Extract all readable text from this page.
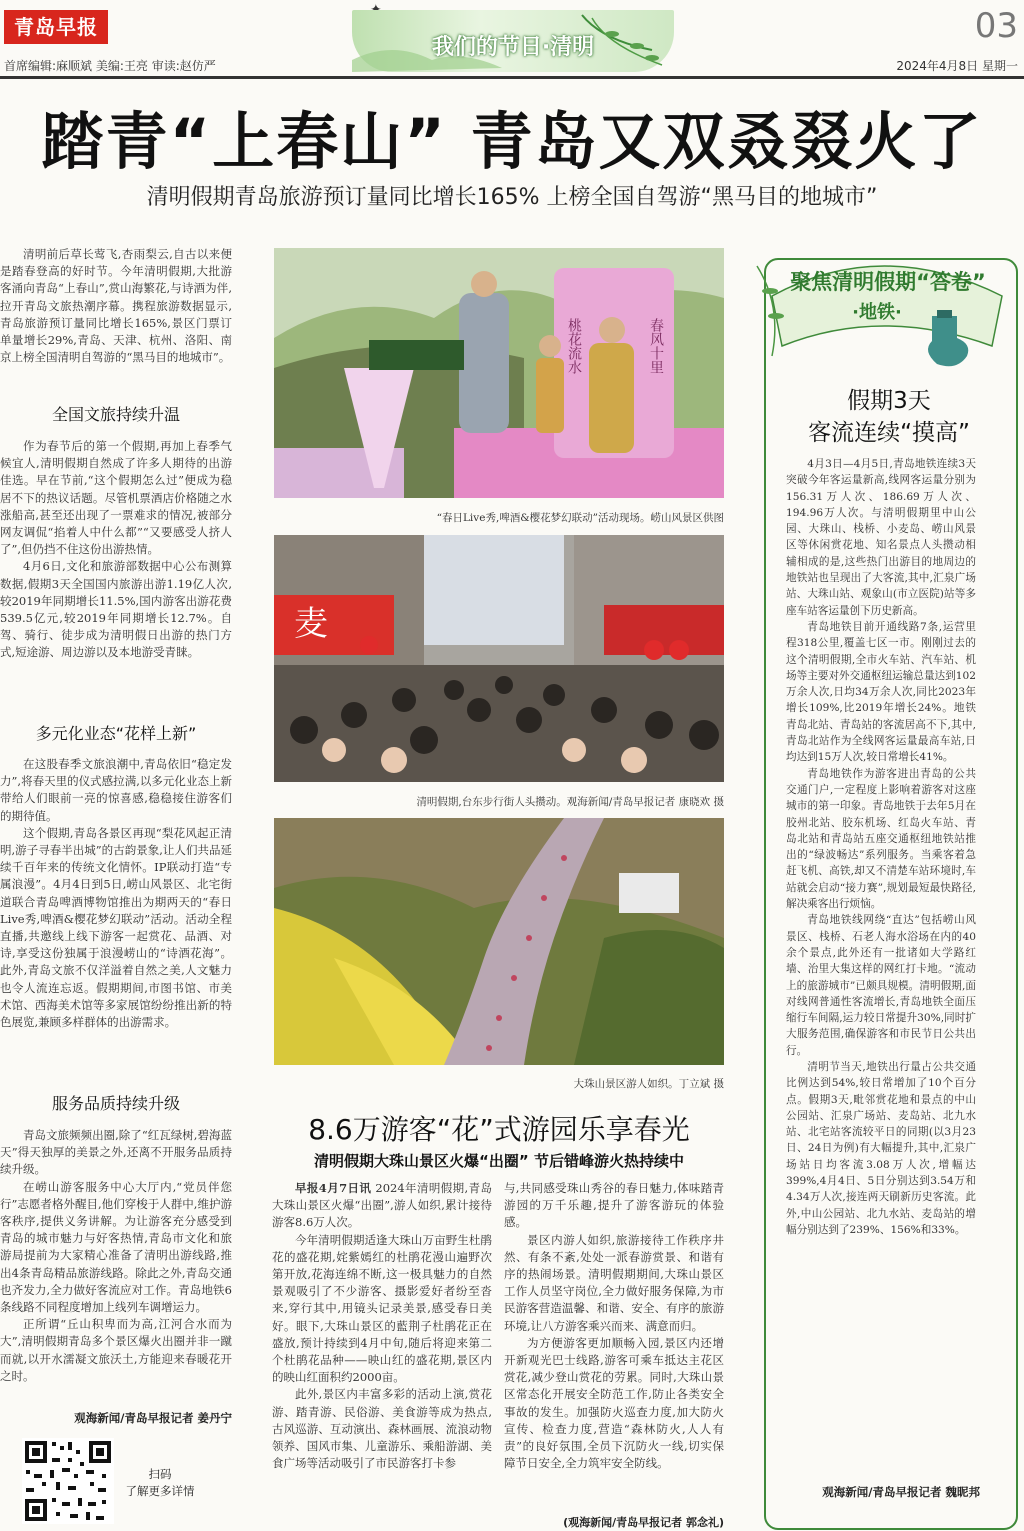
青岛早报
我们的节日·清明
03
首席编辑:麻顺斌 美编:王亮 审读:赵仿严	2024年4月8日 星期一
踏青“上春山” 青岛又双叒叕火了
清明假期青岛旅游预订量同比增长165% 上榜全国自驾游“黑马目的地城市”

清明前后草长莺飞,杏雨梨云,自古以来便是踏春登高的好时节。今年清明假期,大批游客涌向青岛“上春山”,赏山海繁花,与诗酒为伴,拉开青岛文旅热潮序幕。携程旅游数据显示,青岛旅游预订量同比增长165%,景区门票订单量增长29%,青岛、天津、杭州、洛阳、南京上榜全国清明自驾游的“黑马目的地城市”。

全国文旅持续升温

作为春节后的第一个假期,再加上春季气候宜人,清明假期自然成了许多人期待的出游佳选。早在节前,“这个假期怎么过”便成为稳居不下的热议话题。尽管机票酒店价格随之水涨船高,甚至还出现了一票难求的情况,被部分网友调侃“掐着人中什么都”“又要感受人挤人了”,但仍挡不住这份出游热情。

4月6日,文化和旅游部数据中心公布测算数据,假期3天全国国内旅游出游1.19亿人次,较2019年同期增长11.5%,国内游客出游花费539.5亿元,较2019年同期增长12.7%。自驾、骑行、徒步成为清明假日出游的热门方式,短途游、周边游以及本地游受青睐。

多元化业态“花样上新”

在这股春季文旅浪潮中,青岛依旧“稳定发力”,将春天里的仪式感拉满,以多元化业态上新带给人们眼前一亮的惊喜感,稳稳接住游客们的期待值。

这个假期,青岛各景区再现“梨花风起正清明,游子寻春半出城”的古韵景象,让人们共品延续千百年来的传统文化情怀。IP联动打造“专属浪漫”。4月4日到5日,崂山风景区、北宅街道联合青岛啤酒博物馆推出为期两天的“春日Live秀,啤酒&樱花梦幻联动”活动。活动全程直播,共邀线上线下游客一起赏花、品酒、对诗,享受这份独属于浪漫崂山的“诗酒花海”。此外,青岛文旅不仅洋溢着自然之美,人文魅力也令人流连忘返。假期期间,市图书馆、市美术馆、西海美术馆等多家展馆纷纷推出新的特色展览,兼顾多样群体的出游需求。

服务品质持续升级

青岛文旅频频出圈,除了“红瓦绿树,碧海蓝天”得天独厚的美景之外,还离不开服务品质持续升级。

在崂山游客服务中心大厅内,“党员伴您行”志愿者格外醒目,他们穿梭于人群中,维护游客秩序,提供义务讲解。为让游客充分感受到青岛的城市魅力与好客热情,青岛市文化和旅游局提前为大家精心准备了清明出游线路,推出4条青岛精品旅游线路。除此之外,青岛交通也齐发力,全力做好客流应对工作。青岛地铁6条线路不同程度增加上线列车调增运力。

正所谓“丘山积卑而为高,江河合水而为大”,清明假期青岛多个景区爆火出圈并非一蹴而就,以开水濡凝文旅沃土,方能迎来春暖花开之时。

观海新闻/青岛早报记者 姜丹宁
扫码
了解更多详情
桃花流水	春风十里
“春日Live秀,啤酒&樱花梦幻联动”活动现场。崂山风景区供图
麦
清明假期,台东步行街人头攒动。观海新闻/青岛早报记者 康晓欢 摄
大珠山景区游人如织。丁立斌 摄
8.6万游客“花”式游园乐享春光
清明假期大珠山景区火爆“出圈” 节后错峰游火热持续中

早报4月7日讯 2024年清明假期,青岛大珠山景区火爆“出圈”,游人如织,累计接待游客8.6万人次。

今年清明假期适逢大珠山万亩野生杜鹃花的盛花期,姹紫嫣红的杜鹃花漫山遍野次第开放,花海连绵不断,这一极具魅力的自然景观吸引了不少游客、摄影爱好者纷至沓来,穿行其中,用镜头记录美景,感受春日美好。眼下,大珠山景区的藍荆子杜鹃花正在盛放,预计持续到4月中旬,随后将迎来第二个杜鹃花品种——映山红的盛花期,景区内的映山红面积约2000亩。

此外,景区内丰富多彩的活动上演,赏花游、踏青游、民俗游、美食游等成为热点,古风巡游、互动演出、森林画展、流浪动物领养、国风市集、儿童游乐、乘船游湖、美食广场等活动吸引了市民游客打卡参

与,共同感受珠山秀谷的春日魅力,体味踏青游园的万千乐趣,提升了游客游玩的体验感。

景区内游人如织,旅游接待工作秩序井然、有条不紊,处处一派春游赏景、和谐有序的热闹场景。清明假期期间,大珠山景区工作人员坚守岗位,全力做好服务保障,为市民游客营造温馨、和谐、安全、有序的旅游环境,让八方游客乘兴而来、满意而归。

为方便游客更加顺畅入园,景区内还增开新观光巴士线路,游客可乘车抵达主花区赏花,减少登山赏花的劳累。同时,大珠山景区常态化开展安全防范工作,防止各类安全事故的发生。加强防火巡查力度,加大防火宣传、检查力度,营造“森林防火,人人有责”的良好氛围,全员下沉防火一线,切实保障节日安全,全力筑牢安全防线。

(观海新闻/青岛早报记者 郭念礼)
聚焦清明假期“答卷”
·地铁·
假期3天
客流连续“摸高”

4月3日—4月5日,青岛地铁连续3天突破今年客运量新高,线网客运量分别为156.31万人次、186.69万人次、194.96万人次。与清明假期里中山公园、大珠山、栈桥、小麦岛、崂山风景区等休闲赏花地、知名景点人头攒动相辅相成的是,这些热门出游目的地周边的地铁站也呈现出了大客流,其中,汇泉广场站、大珠山站、观象山(市立医院)站等多座车站客运量创下历史新高。

青岛地铁目前开通线路7条,运营里程318公里,覆盖七区一市。刚刚过去的这个清明假期,全市火车站、汽车站、机场等主要对外交通枢纽运输总量达到102万余人次,日均34万余人次,同比2023年增长109%,比2019年增长24%。地铁青岛北站、青岛站的客流居高不下,其中,青岛北站作为全线网客运量最高车站,日均达到15万人次,较日常增长41%。

青岛地铁作为游客进出青岛的公共交通门户,一定程度上影响着游客对这座城市的第一印象。青岛地铁于去年5月在胶州北站、胶东机场、红岛火车站、青岛北站和青岛站五座交通枢纽地铁站推出的“绿波畅达”系列服务。当乘客着急赶飞机、高铁,却又不清楚车站环境时,车站就会启动“接力赛”,规划最短最快路径,解决乘客出行烦恼。

青岛地铁线网绕“直达”包括崂山风景区、栈桥、石老人海水浴场在内的40余个景点,此外还有一批诸如大学路红墙、治里大集这样的网红打卡地。“流动上的旅游城市”已颇具规模。清明假期,面对线网普通性客流增长,青岛地铁全面压缩行车间隔,运力较日常提升30%,同时扩大服务范围,确保游客和市民节日公共出行。

清明节当天,地铁出行量占公共交通比例达到54%,较日常增加了10个百分点。假期3天,毗邻赏花地和景点的中山公园站、汇泉广场站、麦岛站、北九水站、北宅站客流较平日的同期(以3月23日、24日为例)有大幅提升,其中,汇泉广场站日均客流3.08万人次,增幅达399%,4月4日、5日分别达到3.54万和4.34万人次,接连两天刷新历史客流。此外,中山公园站、北九水站、麦岛站的增幅分别达到了239%、156%和33%。

观海新闻/青岛早报记者 魏昵邦
